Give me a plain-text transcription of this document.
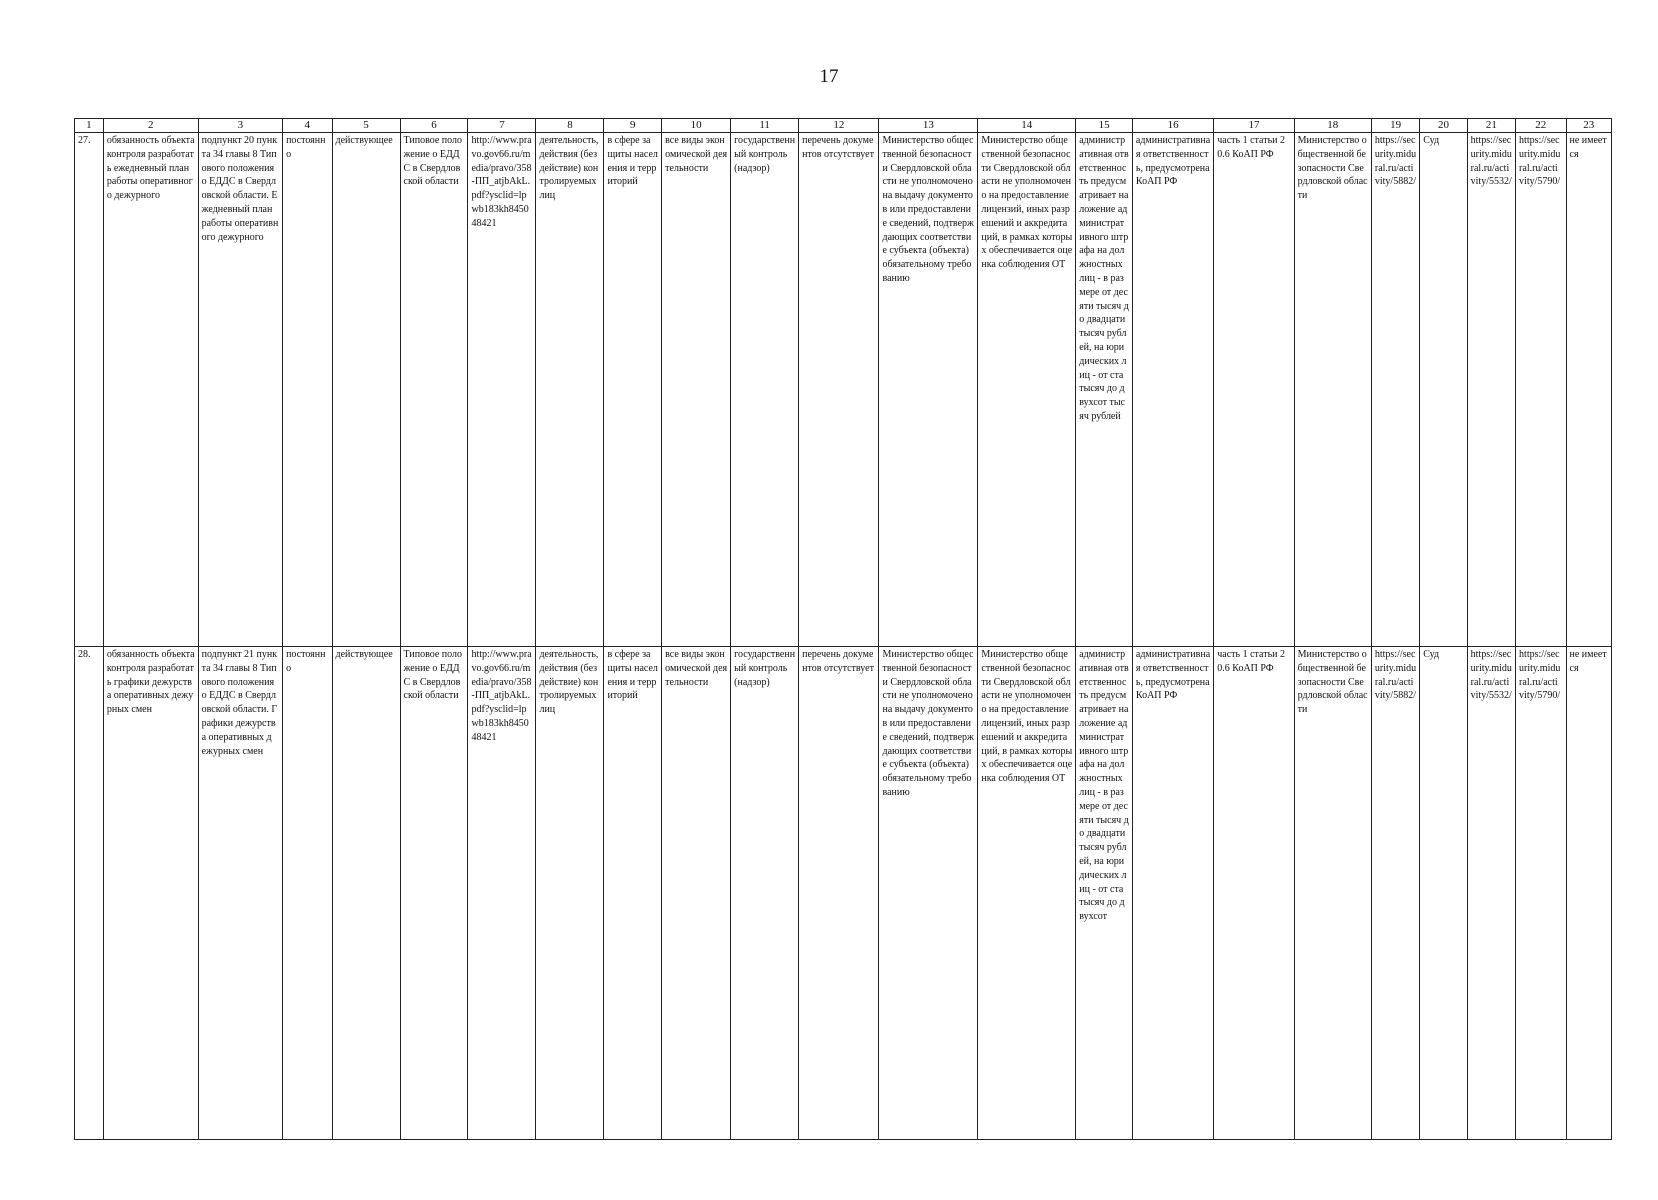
17
1	2	3	4	5	6	7	8	9	10	11	12	13	14	15	16	17	18	19	20	21	22	23
27.	обязанность объекта контроля разработать ежедневный план работы оперативного дежурного	подпункт 20 пункта 34 главы 8 Типового положения о ЕДДС в Свердловской области. Ежедневный план работы оперативного дежурного	постоянно	действующее	Типовое положение о ЕДДС в Свердловской области	http://www.pravo.gov66.ru/media/pravo/358-ПП_atjbAkL.pdf?ysclid=lpwb183kh845048421	деятельность, действия (бездействие) контролируемых лиц	в сфере защиты населения и территорий	все виды экономической деятельности	государственный контроль (надзор)	перечень документов отсутствует	Министерство общественной безопасности Свердловской области не уполномочено на выдачу документов или предоставление сведений, подтверждающих соответствие субъекта (объекта) обязательному требованию	Министерство общественной безопасности Свердловской области не уполномочено на предоставление лицензий, иных разрешений и аккредитаций, в рамках которых обеспечивается оценка соблюдения ОТ	административная ответственность предусматривает наложение административного штрафа на должностных лиц - в размере от десяти тысяч до двадцати тысяч рублей, на юридических лиц - от ста тысяч до двухсот тысяч рублей	административная ответственность, предусмотрена КоАП РФ	часть 1 статьи 20.6 КоАП РФ	Министерство общественной безопасности Свердловской области	https://security.midural.ru/activity/5882/	Суд	https://security.midural.ru/activity/5532/	https://security.midural.ru/activity/5790/	не имеется
28.	обязанность объекта контроля разработать графики дежурства оперативных дежурных смен	подпункт 21 пункта 34 главы 8 Типового положения о ЕДДС в Свердловской области. Графики дежурства оперативных дежурных смен	постоянно	действующее	Типовое положение о ЕДДС в Свердловской области	http://www.pravo.gov66.ru/media/pravo/358-ПП_atjbAkL.pdf?ysclid=lpwb183kh845048421	деятельность, действия (бездействие) контролируемых лиц	в сфере защиты населения и территорий	все виды экономической деятельности	государственный контроль (надзор)	перечень документов отсутствует	Министерство общественной безопасности Свердловской области не уполномочено на выдачу документов или предоставление сведений, подтверждающих соответствие субъекта (объекта) обязательному требованию	Министерство общественной безопасности Свердловской области не уполномочено на предоставление лицензий, иных разрешений и аккредитаций, в рамках которых обеспечивается оценка соблюдения ОТ	административная ответственность предусматривает наложение административного штрафа на должностных лиц - в размере от десяти тысяч до двадцати тысяч рублей, на юридических лиц - от ста тысяч до двухсот	административная ответственность, предусмотрена КоАП РФ	часть 1 статьи 20.6 КоАП РФ	Министерство общественной безопасности Свердловской области	https://security.midural.ru/activity/5882/	Суд	https://security.midural.ru/activity/5532/	https://security.midural.ru/activity/5790/	не имеется
